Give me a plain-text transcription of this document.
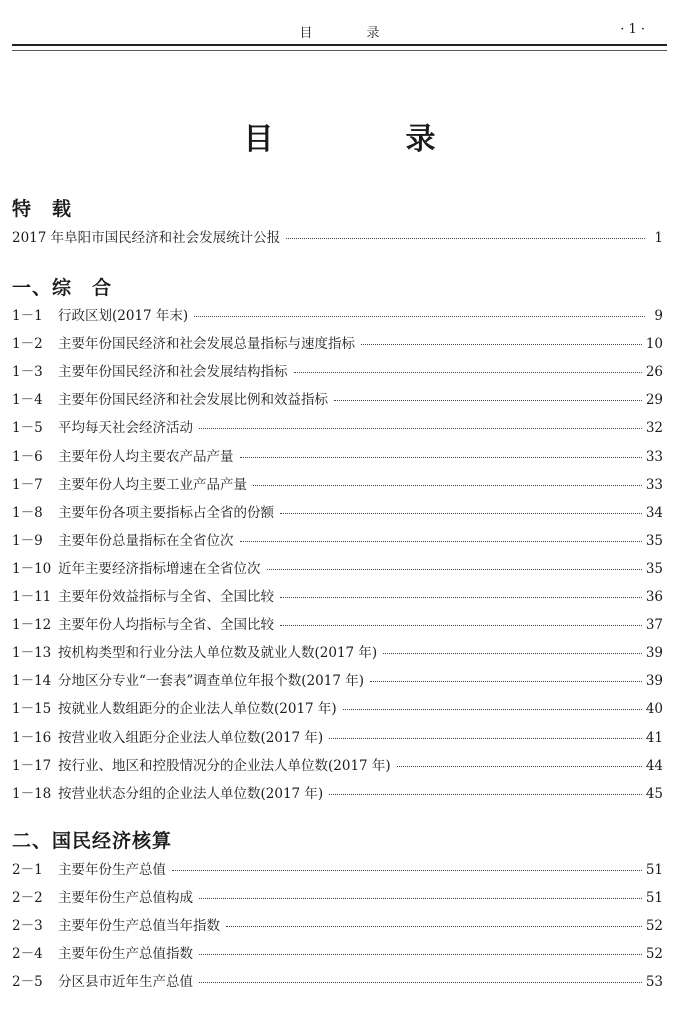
目	录	· 1 ·
目	录
特　载
2017 年阜阳市国民经济和社会发展统计公报	1
一、综　合
1－1	行政区划(2017 年末)	9
1－2	主要年份国民经济和社会发展总量指标与速度指标	10
1－3	主要年份国民经济和社会发展结构指标	26
1－4	主要年份国民经济和社会发展比例和效益指标	29
1－5	平均每天社会经济活动	32
1－6	主要年份人均主要农产品产量	33
1－7	主要年份人均主要工业产品产量	33
1－8	主要年份各项主要指标占全省的份额	34
1－9	主要年份总量指标在全省位次	35
1－10 近年主要经济指标增速在全省位次	35
1－11 主要年份效益指标与全省、全国比较	36
1－12 主要年份人均指标与全省、全国比较	37
1－13 按机构类型和行业分法人单位数及就业人数(2017 年)	39
1－14 分地区分专业“一套表”调查单位年报个数(2017 年)	39
1－15 按就业人数组距分的企业法人单位数(2017 年)	40
1－16 按营业收入组距分企业法人单位数(2017 年)	41
1－17 按行业、地区和控股情况分的企业法人单位数(2017 年)	44
1－18 按营业状态分组的企业法人单位数(2017 年)	45
二、国民经济核算
2－1	主要年份生产总值	51
2－2	主要年份生产总值构成	51
2－3	主要年份生产总值当年指数	52
2－4	主要年份生产总值指数	52
2－5	分区县市近年生产总值	53
